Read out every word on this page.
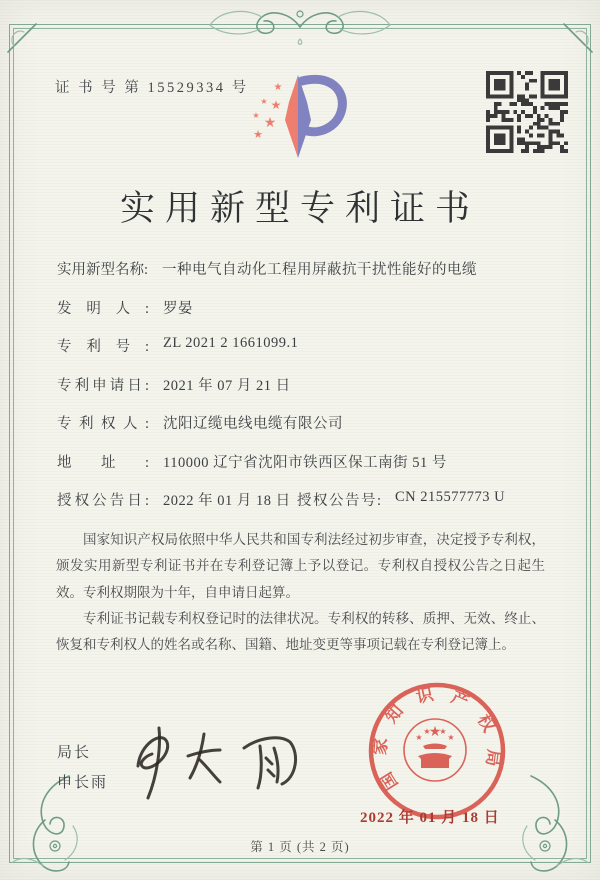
证 书 号 第 15529334 号 ★
★ ★
★ ★
★
实用新型专利证书
实用新型名称: 一种电气自动化工程用屏蔽抗干扰性能好的电缆
发明人: 罗晏
专利号: ZL 2021 2 1661099.1
专利申请日: 2021 年 07 月 21 日
专利权人: 沈阳辽缆电线电缆有限公司
地址: 110000 辽宁省沈阳市铁西区保工南街 51 号
授权公告日: 2022 年 01 月 18 日 授权公告号: CN 215577773 U

国家知识产权局依照中华人民共和国专利法经过初步审查，决定授予专利权，颁发实用新型专利证书并在专利登记簿上予以登记。专利权自授权公告之日起生效。专利权期限为十年，自申请日起算。

专利证书记载专利权登记时的法律状况。专利权的转移、质押、无效、终止、恢复和专利权人的姓名或名称、国籍、地址变更等事项记载在专利登记簿上。

局长
申长雨	国
家
知
识 产
权
局
★
★
★ ★
★
2022 年 01 月 18 日
第 1 页 (共 2 页)
